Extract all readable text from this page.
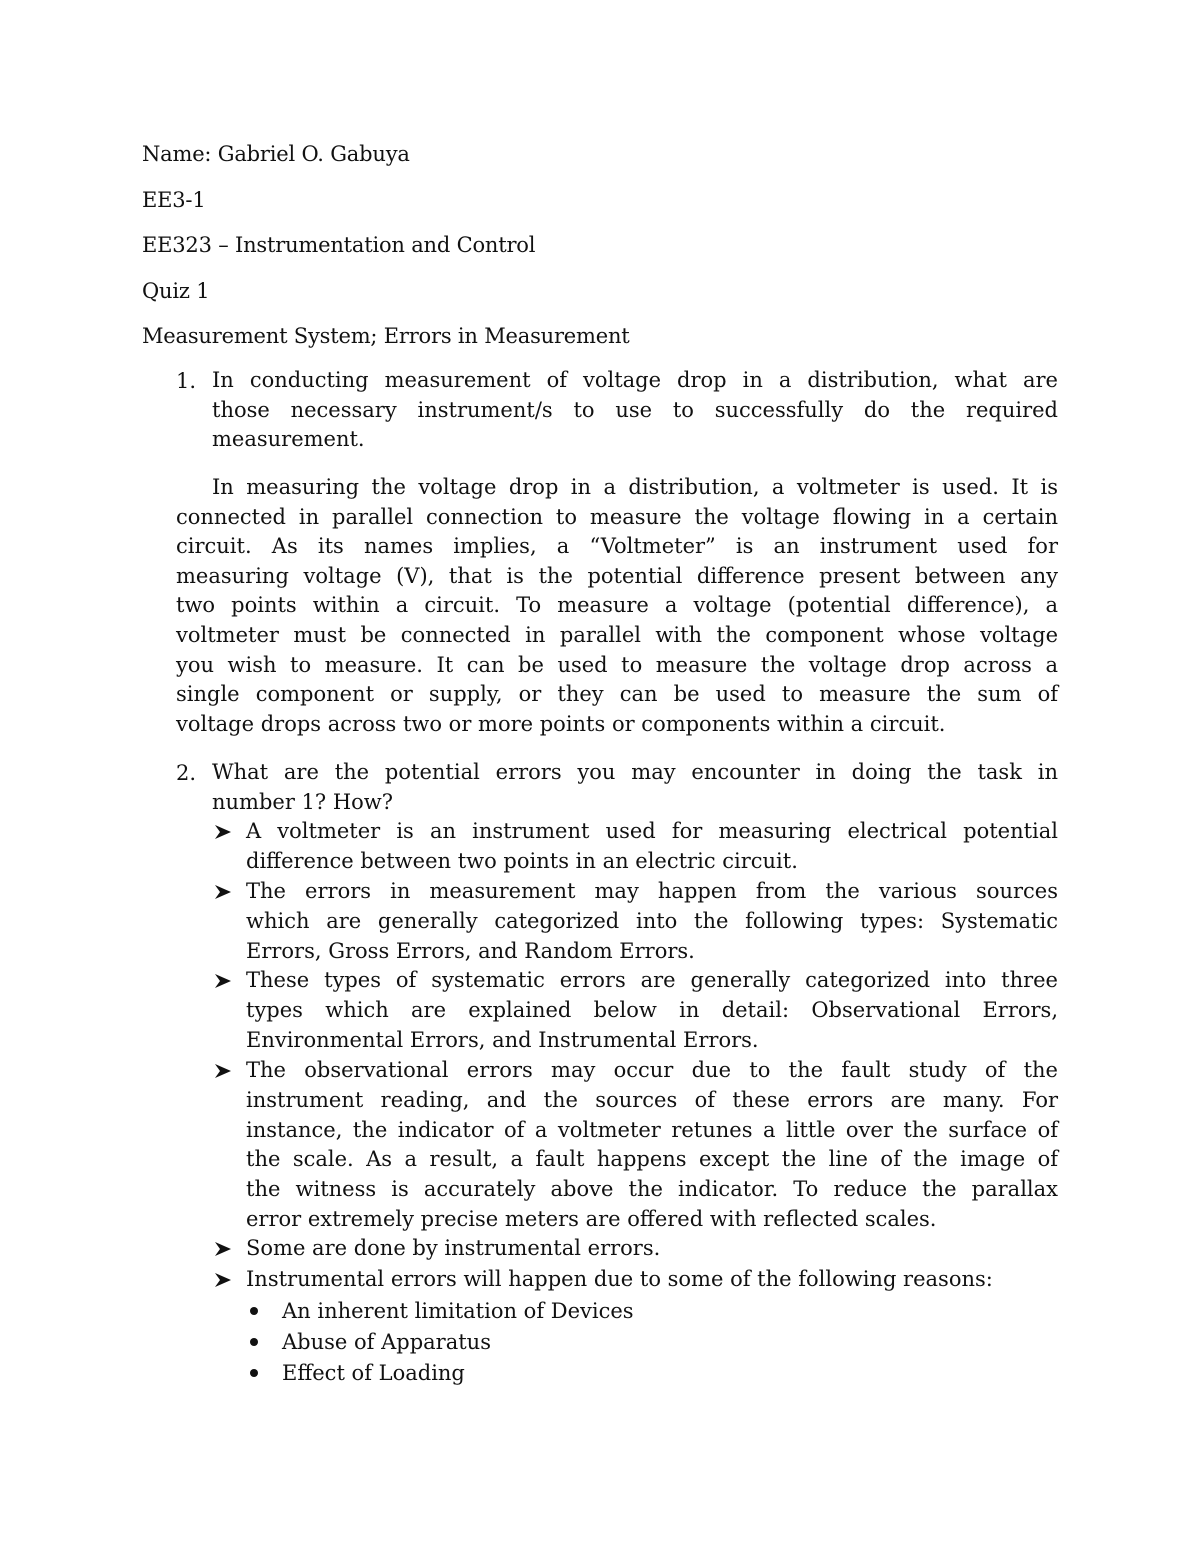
Name: Gabriel O. Gabuya
EE3-1
EE323 – Instrumentation and Control
Quiz 1
Measurement System; Errors in Measurement
1. In conducting measurement of voltage drop in a distribution, what are
those necessary instrument/s to use to successfully do the required
measurement.
In measuring the voltage drop in a distribution, a voltmeter is used. It is
connected in parallel connection to measure the voltage flowing in a certain
circuit. As its names implies, a “Voltmeter” is an instrument used for
measuring voltage (V), that is the potential difference present between any
two points within a circuit. To measure a voltage (potential difference), a
voltmeter must be connected in parallel with the component whose voltage
you wish to measure. It can be used to measure the voltage drop across a
single component or supply, or they can be used to measure the sum of
voltage drops across two or more points or components within a circuit.
2. What are the potential errors you may encounter in doing the task in
number 1? How?
A voltmeter is an instrument used for measuring electrical potential
difference between two points in an electric circuit.
The errors in measurement may happen from the various sources
which are generally categorized into the following types: Systematic
Errors, Gross Errors, and Random Errors.
These types of systematic errors are generally categorized into three
types which are explained below in detail: Observational Errors,
Environmental Errors, and Instrumental Errors.
The observational errors may occur due to the fault study of the
instrument reading, and the sources of these errors are many. For
instance, the indicator of a voltmeter retunes a little over the surface of
the scale. As a result, a fault happens except the line of the image of
the witness is accurately above the indicator. To reduce the parallax
error extremely precise meters are offered with reflected scales.
Some are done by instrumental errors.
Instrumental errors will happen due to some of the following reasons:
An inherent limitation of Devices
Abuse of Apparatus
Effect of Loading
